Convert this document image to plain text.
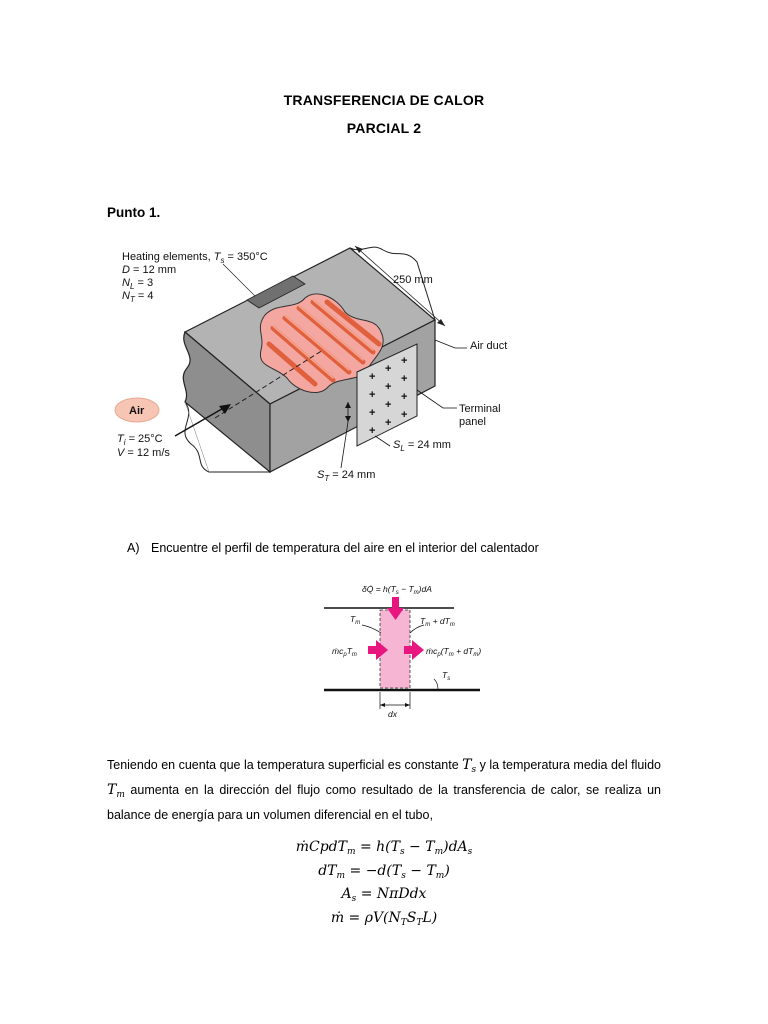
TRANSFERENCIA DE CALOR
PARCIAL 2
Punto 1.
+
+
+
+
+
+
+
+
+
+
+
+
Heating elements, $T_s = 350^\circ C$
D = 12 mm
$N_L = 3$
$N_T = 4$
250 mm
Air duct
Air
$T_i = 25^\circ C$
V = 12 m/s
Terminal
panel
$S_L = 24$ mm
$S_T = 24$ mm
A) Encuentre el perfil de temperatura del aire en el interior del calentador
δQ̇ = $h(T_s - T_m)dA$
$T_m$	$T_m + dT_m$
$ṁc_pT_m$	$ṁc_p(T_m + dT_m)$
$T_s$
dx
Teniendo en cuenta que la temperatura superficial es constante $T_s$ y la temperatura media del fluido $T_m$ aumenta en la dirección del flujo como resultado de la transferencia de calor, se realiza un balance de energía para un volumen diferencial en el tubo,
ṁCpdT$_m$ = $h(T_s - T_m)dA_s$
$dT_m = -d(T_s - T_m)$
$A_s = N\pi Ddx$
ṁ = $\rho V(N_TS_TL)$
